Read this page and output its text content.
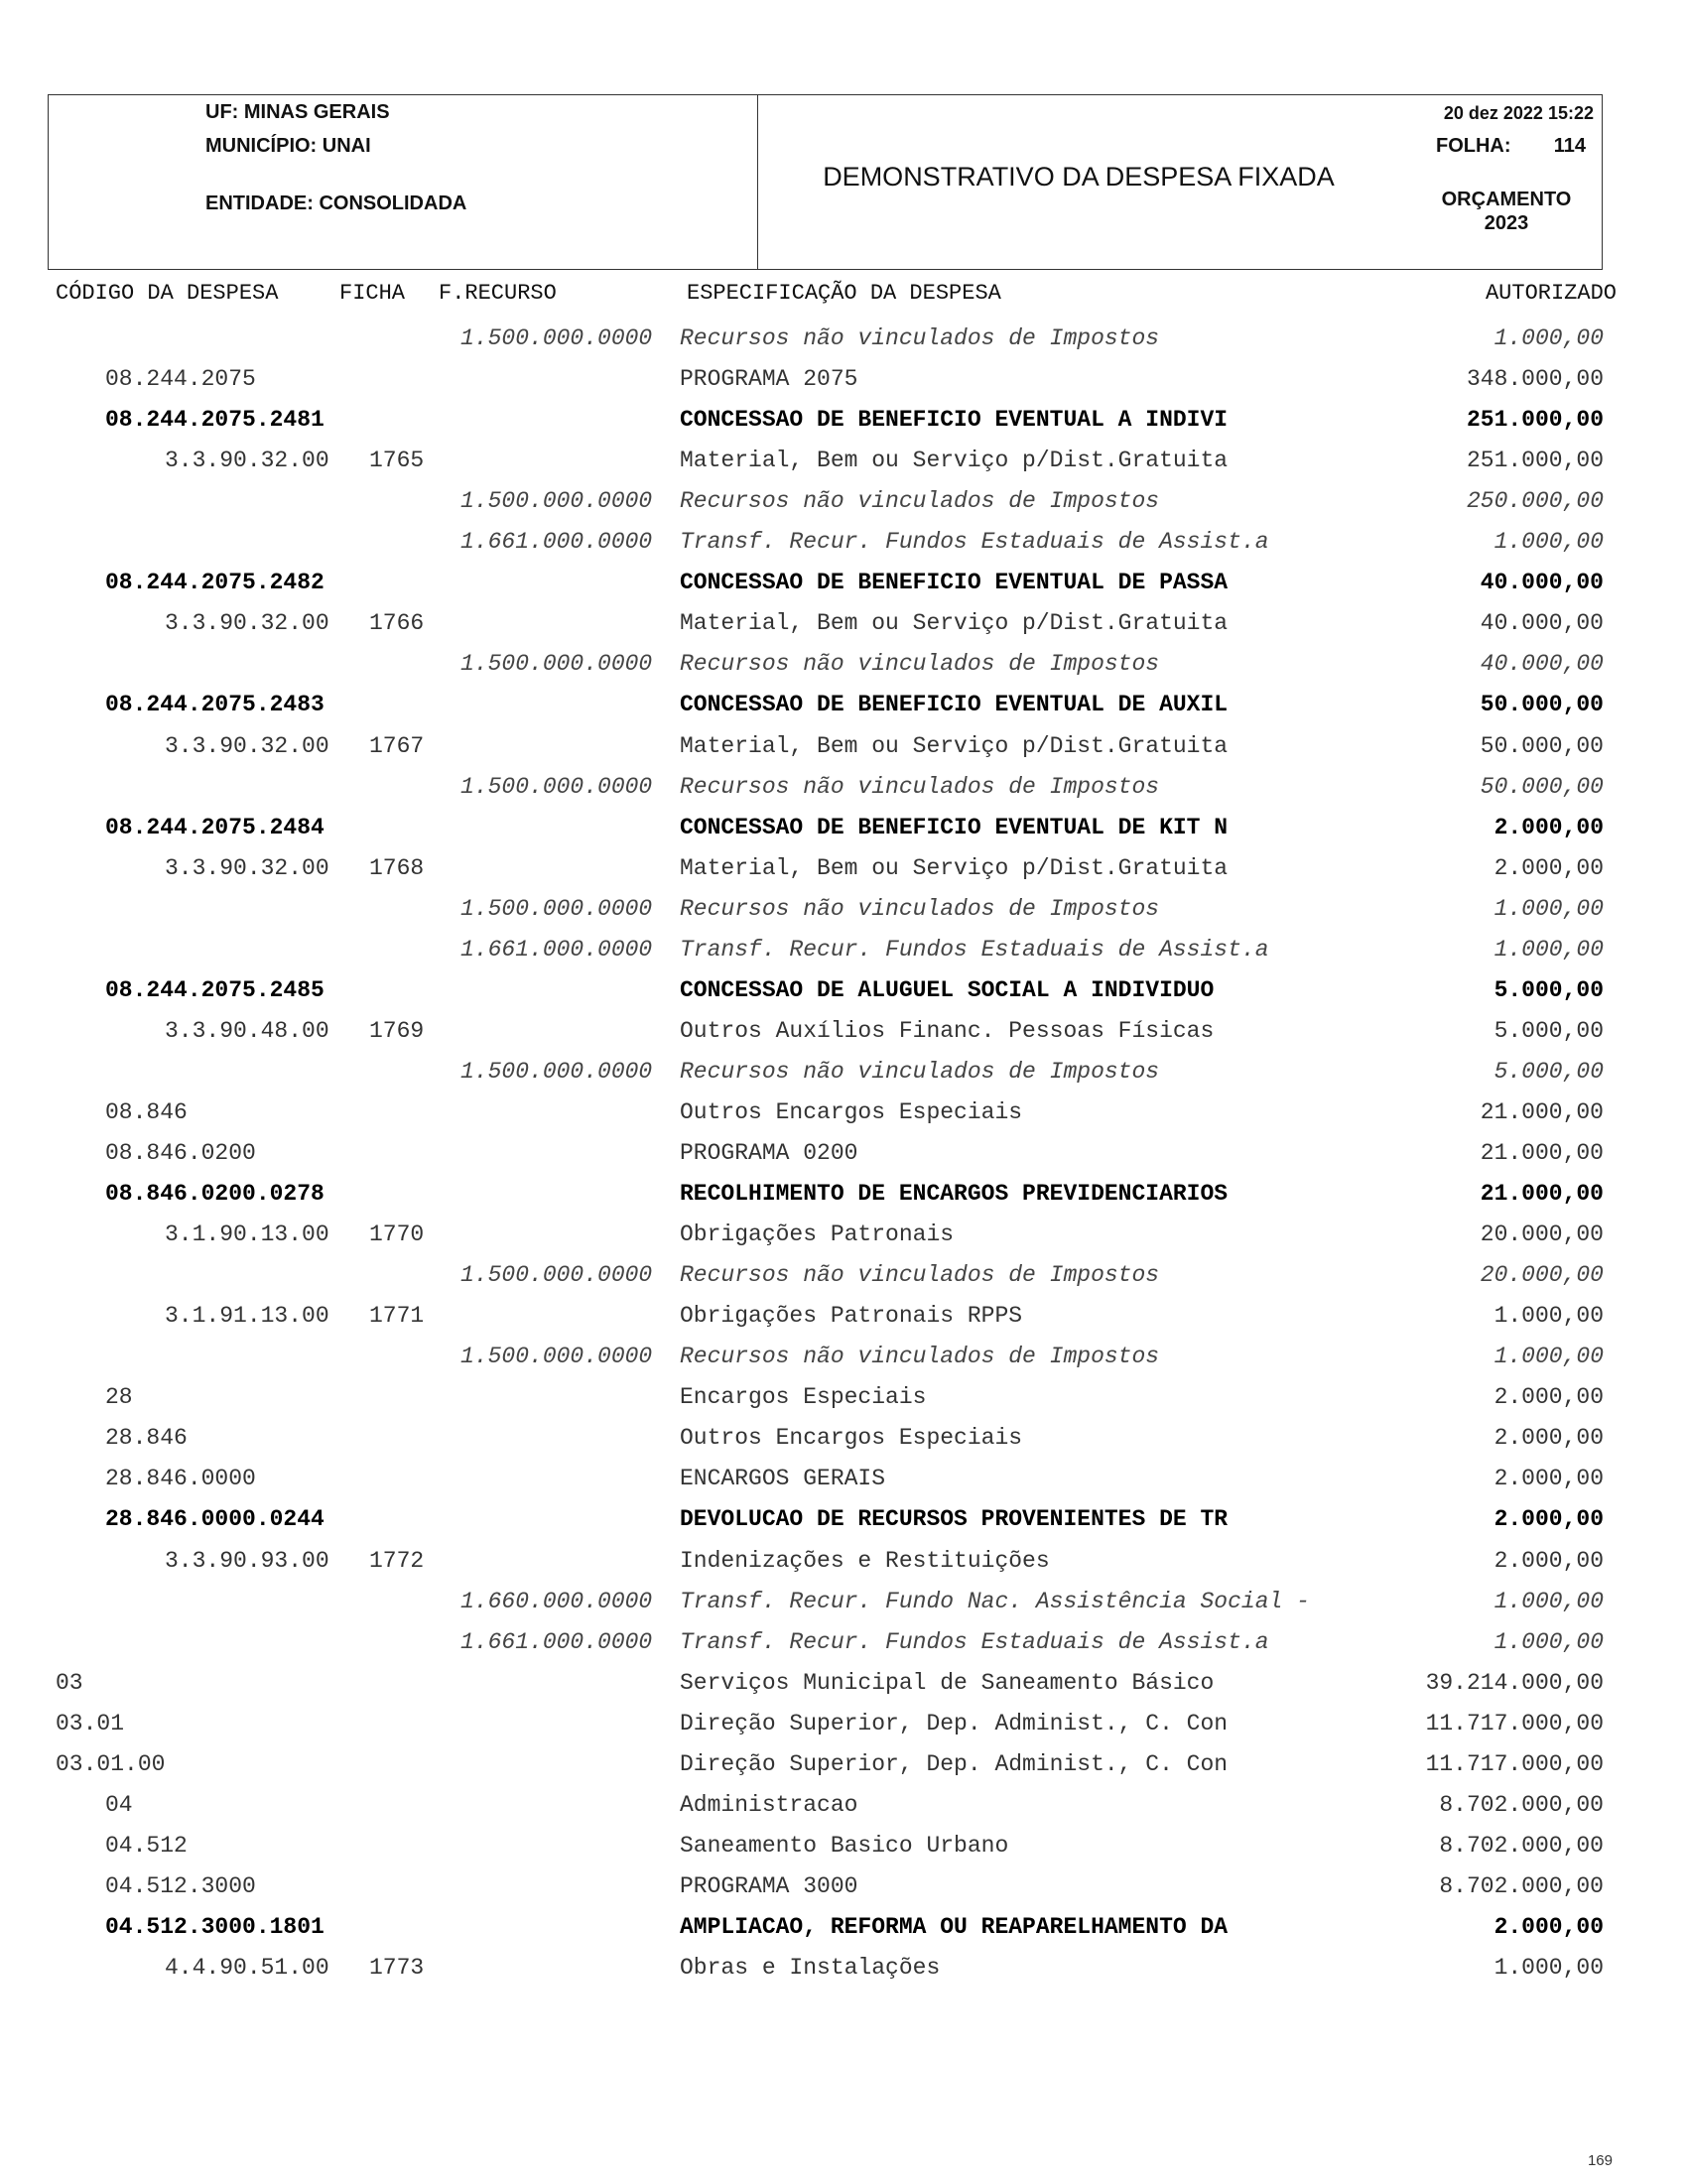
UF: MINAS GERAIS
MUNICÍPIO: UNAI
ENTIDADE: CONSOLIDADA
DEMONSTRATIVO DA DESPESA FIXADA
20 dez 2022 15:22
FOLHA: 114
ORÇAMENTO
2023
CÓDIGO DA DESPESA	FICHA F.RECURSO	ESPECIFICAÇÃO DA DESPESA	AUTORIZADO
1.500.000.0000 Recursos não vinculados de Impostos	1.000,00
08.244.2075	PROGRAMA 2075	348.000,00
08.244.2075.2481	CONCESSAO DE BENEFICIO EVENTUAL A INDIVI	251.000,00
3.3.90.32.00 1765	Material, Bem ou Serviço p/Dist.Gratuita	251.000,00
1.500.000.0000 Recursos não vinculados de Impostos	250.000,00
1.661.000.0000 Transf. Recur. Fundos Estaduais de Assist.a	1.000,00
08.244.2075.2482	CONCESSAO DE BENEFICIO EVENTUAL DE PASSA	40.000,00
3.3.90.32.00 1766	Material, Bem ou Serviço p/Dist.Gratuita	40.000,00
1.500.000.0000 Recursos não vinculados de Impostos	40.000,00
08.244.2075.2483	CONCESSAO DE BENEFICIO EVENTUAL DE AUXIL	50.000,00
3.3.90.32.00 1767	Material, Bem ou Serviço p/Dist.Gratuita	50.000,00
1.500.000.0000 Recursos não vinculados de Impostos	50.000,00
08.244.2075.2484	CONCESSAO DE BENEFICIO EVENTUAL DE KIT N	2.000,00
3.3.90.32.00 1768	Material, Bem ou Serviço p/Dist.Gratuita	2.000,00
1.500.000.0000 Recursos não vinculados de Impostos	1.000,00
1.661.000.0000 Transf. Recur. Fundos Estaduais de Assist.a	1.000,00
08.244.2075.2485	CONCESSAO DE ALUGUEL SOCIAL A INDIVIDUO	5.000,00
3.3.90.48.00 1769	Outros Auxílios Financ. Pessoas Físicas	5.000,00
1.500.000.0000 Recursos não vinculados de Impostos	5.000,00
08.846	Outros Encargos Especiais	21.000,00
08.846.0200	PROGRAMA 0200	21.000,00
08.846.0200.0278	RECOLHIMENTO DE ENCARGOS PREVIDENCIARIOS	21.000,00
3.1.90.13.00 1770	Obrigações Patronais	20.000,00
1.500.000.0000 Recursos não vinculados de Impostos	20.000,00
3.1.91.13.00 1771	Obrigações Patronais RPPS	1.000,00
1.500.000.0000 Recursos não vinculados de Impostos	1.000,00
28	Encargos Especiais	2.000,00
28.846	Outros Encargos Especiais	2.000,00
28.846.0000	ENCARGOS GERAIS	2.000,00
28.846.0000.0244	DEVOLUCAO DE RECURSOS PROVENIENTES DE TR	2.000,00
3.3.90.93.00 1772	Indenizações e Restituições	2.000,00
1.660.000.0000 Transf. Recur. Fundo Nac. Assistência Social -	1.000,00
1.661.000.0000 Transf. Recur. Fundos Estaduais de Assist.a	1.000,00
03	Serviços Municipal de Saneamento Básico	39.214.000,00
03.01	Direção Superior, Dep. Administ., C. Con	11.717.000,00
03.01.00	Direção Superior, Dep. Administ., C. Con	11.717.000,00
04	Administracao	8.702.000,00
04.512	Saneamento Basico Urbano	8.702.000,00
04.512.3000	PROGRAMA 3000	8.702.000,00
04.512.3000.1801	AMPLIACAO, REFORMA OU REAPARELHAMENTO DA	2.000,00
4.4.90.51.00 1773	Obras e Instalações	1.000,00
169
